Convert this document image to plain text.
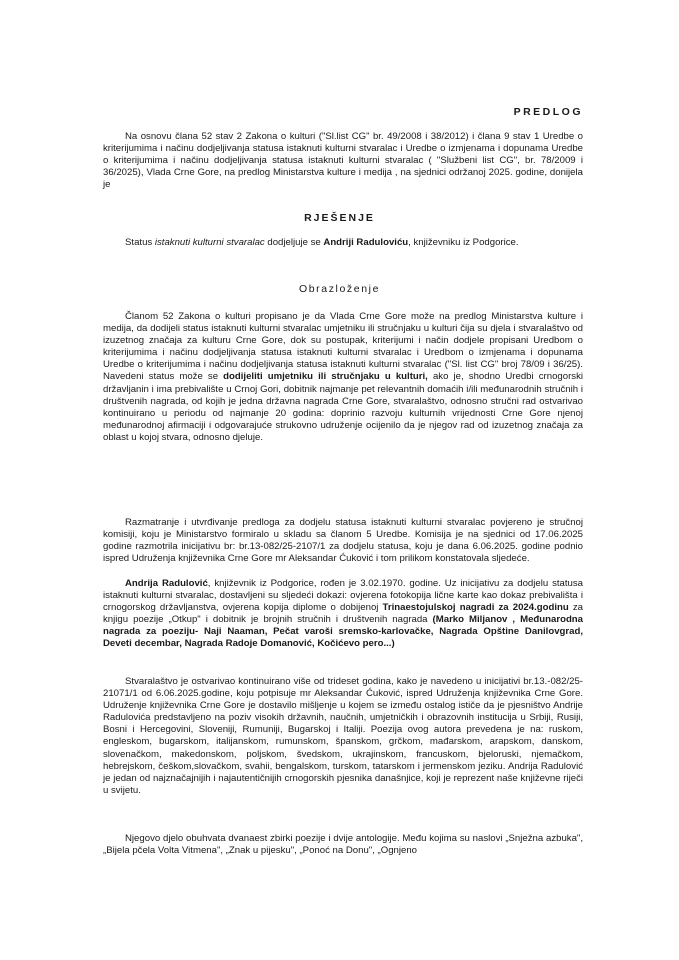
PREDLOG

Na osnovu člana 52 stav 2 Zakona o kulturi ("Sl.list CG" br. 49/2008 i 38/2012) i člana 9 stav 1 Uredbe o kriterijumima i načinu dodjeljivanja statusa istaknuti kulturni stvaralac i Uredbe o izmjenama i dopunama Uredbe o kriterijumima i načinu dodjeljivanja statusa istaknuti kulturni stvaralac ( "Službeni list CG", br. 78/2009 i 36/2025), Vlada Crne Gore, na predlog Ministarstva kulture i medija , na sjednici održanoj 2025. godine, donijela je

RJEŠENJE

Status istaknuti kulturni stvaralac dodjeljuje se Andriji Raduloviću, književniku iz Podgorice.

Obrazloženje

Članom 52 Zakona o kulturi propisano je da Vlada Crne Gore može na predlog Ministarstva kulture i medija, da dodijeli status istaknuti kulturni stvaralac umjetniku ili stručnjaku u kulturi čija su djela i stvaralaštvo od izuzetnog značaja za kulturu Crne Gore, dok su postupak, kriterijumi i način dodjele propisani Uredbom o kriterijumima i načinu dodjeljivanja statusa istaknuti kulturni stvaralac i Uredbom o izmjenama i dopunama Uredbe o kriterijumima i načinu dodjeljivanja statusa istaknuti kulturni stvaralac ("Sl. list CG" broj 78/09 i 36/25). Navedeni status može se dodijeliti umjetniku ili stručnjaku u kulturi, ako je, shodno Uredbi crnogorski državljanin i ima prebivalište u Crnoj Gori, dobitnik najmanje pet relevantnih domaćih i/ili međunarodnih stručnih i društvenih nagrada, od kojih je jedna državna nagrada Crne Gore, stvaralaštvo, odnosno stručni rad ostvarivao kontinuirano u periodu od najmanje 20 godina: doprinio razvoju kulturnih vrijednosti Crne Gore njenoj međunarodnoj afirmaciji i odgovarajuće strukovno udruženje ocijenilo da je njegov rad od izuzetnog značaja za oblast u kojoj stvara, odnosno djeluje.

Razmatranje i utvrđivanje predloga za dodjelu statusa istaknuti kulturni stvaralac povjereno je stručnoj komisiji, koju je Ministarstvo formiralo u skladu sa članom 5 Uredbe. Komisija je na sjednici od 17.06.2025 godine razmotrila inicijativu br: br.13-082/25-2107/1 za dodjelu statusa, koju je dana 6.06.2025. godine podnio ispred Udruženja književnika Crne Gore mr Aleksandar Ćuković i tom prilikom konstatovala sljedeće.

Andrija Radulović, književnik iz Podgorice, rođen je 3.02.1970. godine. Uz inicijativu za dodjelu statusa istaknuti kulturni stvaralac, dostavljeni su sljedeći dokazi: ovjerena fotokopija lične karte kao dokaz prebivališta i crnogorskog državljanstva, ovjerena kopija diplome o dobijenoj Trinaestojulskoj nagradi za 2024.godinu za knjigu poezije „Otkup" i dobitnik je brojnih stručnih i društvenih nagrada (Marko Miljanov , Međunarodna nagrada za poeziju- Naji Naaman, Pečat varoši sremsko-karlovačke, Nagrada Opštine Danilovgrad, Deveti decembar, Nagrada Radoje Domanović, Kočićevo pero...)

Stvaralaštvo je ostvarivao kontinuirano više od trideset godina, kako je navedeno u inicijativi br.13.-082/25-21071/1 od 6.06.2025.godine, koju potpisuje mr Aleksandar Ćuković, ispred Udruženja književnika Crne Gore. Udruženje književnika Crne Gore je dostavilo mišljenje u kojem se između ostalog ističe da je pjesništvo Andrije Radulovića predstavljeno na poziv visokih državnih, naučnih, umjetničkih i obrazovnih institucija u Srbiji, Rusiji, Bosni i Hercegovini, Sloveniji, Rumuniji, Bugarskoj i Italiji. Poezija ovog autora prevedena je na: ruskom, engleskom, bugarskom, italijanskom, rumunskom, španskom, grčkom, mađarskom, arapskom, danskom, slovenačkom, makedonskom, poljskom, švedskom, ukrajinskom, francuskom, bjeloruski, njemačkom, hebrejskom, češkom,slovačkom, svahii, bengalskom, turskom, tatarskom i jermenskom jeziku. Andrija Radulović je jedan od najznačajnijih i najautentičnijih crnogorskih pjesnika današnjice, koji je reprezent naše književne riječi u svijetu.

Njegovo djelo obuhvata dvanaest zbirki poezije i dvije antologije. Među kojima su naslovi „Snježna azbuka", „Bijela pčela Volta Vitmena", „Znak u pijesku", „Ponoć na Donu", „Ognjeno
